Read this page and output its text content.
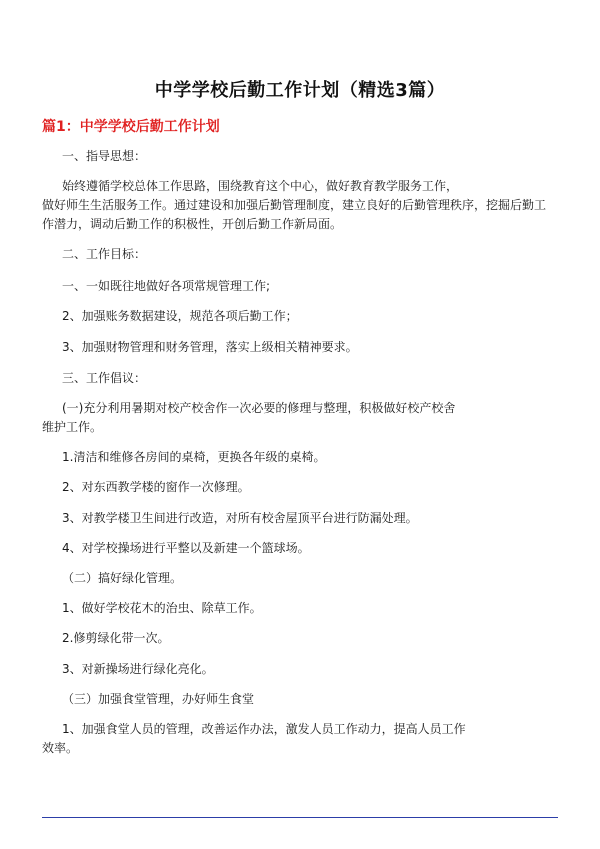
中学学校后勤工作计划（精选3篇）
篇1：中学学校后勤工作计划
一、指导思想：
始终遵循学校总体工作思路，围绕教育这个中心，做好教育教学服务工作，
做好师生生活服务工作。通过建设和加强后勤管理制度，建立良好的后勤管理秩序，挖掘后勤工
作潜力，调动后勤工作的积极性，开创后勤工作新局面。
二、工作目标：
一、一如既往地做好各项常规管理工作;
2、加强账务数据建设，规范各项后勤工作；
3、加强财物管理和财务管理，落实上级相关精神要求。
三、工作倡议：
(一)充分利用暑期对校产校舍作一次必要的修理与整理，积极做好校产校舍
维护工作。
1.清洁和维修各房间的桌椅，更换各年级的桌椅。
2、对东西教学楼的窗作一次修理。
3、对教学楼卫生间进行改造，对所有校舍屋顶平台进行防漏处理。
4、对学校操场进行平整以及新建一个篮球场。
（二）搞好绿化管理。
1、做好学校花木的治虫、除草工作。
2.修剪绿化带一次。
3、对新操场进行绿化亮化。
（三）加强食堂管理，办好师生食堂
1、加强食堂人员的管理，改善运作办法，激发人员工作动力，提高人员工作
效率。
